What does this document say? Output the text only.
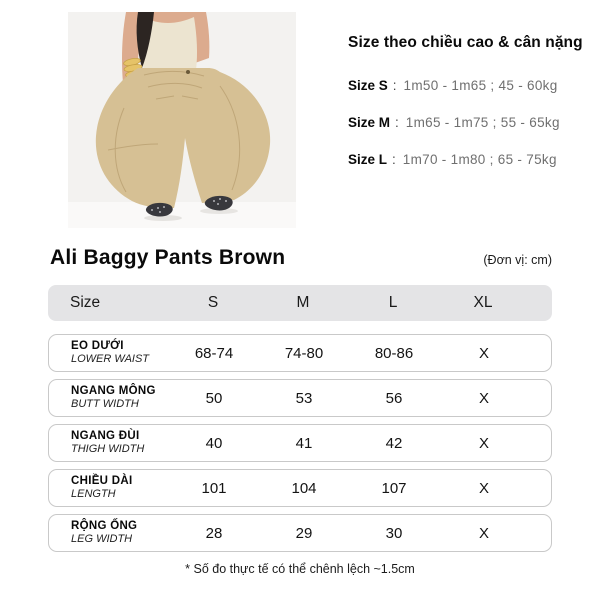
Size theo chiều cao & cân nặng
Size S : 1m50 - 1m65 ; 45 - 60kg
Size M : 1m65 - 1m75 ; 55 - 65kg
Size L : 1m70 - 1m80 ; 65 - 75kg
Ali Baggy Pants Brown	(Đơn vị: cm)
Size	S	M	L	XL
EO DƯỚI
LOWER WAIST	68-74	74-80	80-86	X
NGANG MÔNG
BUTT WIDTH	50	53	56	X
NGANG ĐÙI
THIGH WIDTH	40	41	42	X
CHIỀU DÀI
LENGTH	101	104	107	X
RỘNG ỐNG
LEG WIDTH	28	29	30	X
* Số đo thực tế có thể chênh lệch ~1.5cm
